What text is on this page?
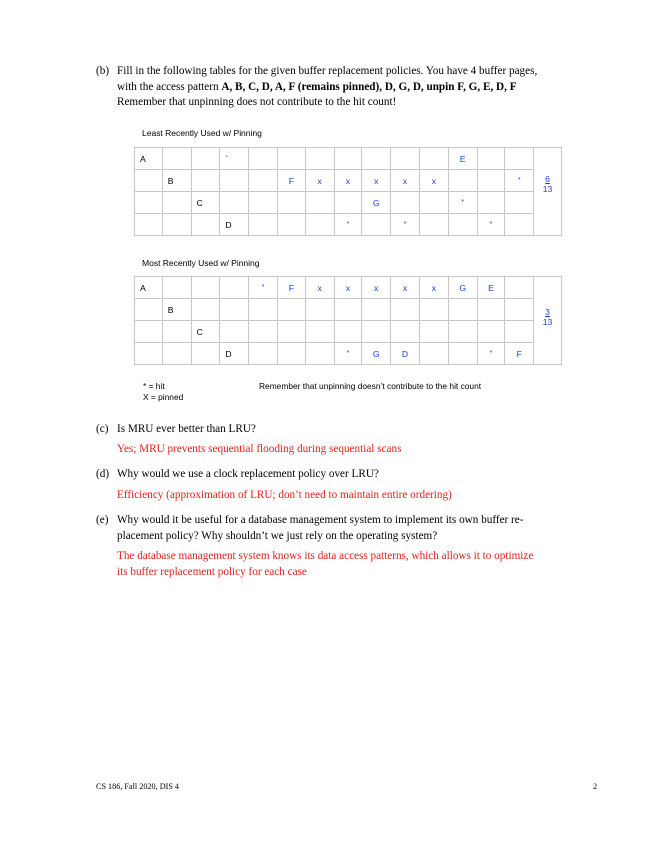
(b) Fill in the following tables for the given buffer replacement policies. You have 4 buffer pages,
with the access pattern A, B, C, D, A, F (remains pinned), D, G, D, unpin F, G, E, D, F
Remember that unpinning does not contribute to the hit count!
Least Recently Used w/ Pinning
A			`								E			6
13

	B				F	x	x	x	x	x			*	
		C						G			*			
			D				*		*			*		
Most Recently Used w/ Pinning
A				*	F	x	x	x	x	x	G	E		3
13

	B													
		C												
			D				*	G	D			*	F	
* = hit
X = pinned
Remember that unpinning doesn’t contribute to the hit count
(c) Is MRU ever better than LRU?
Yes; MRU prevents sequential flooding during sequential scans
(d) Why would we use a clock replacement policy over LRU?
Efficiency (approximation of LRU; don’t need to maintain entire ordering)
(e) Why would it be useful for a database management system to implement its own buffer re-
placement policy? Why shouldn’t we just rely on the operating system?
The database management system knows its data access patterns, which allows it to optimize
its buffer replacement policy for each case
CS 186, Fall 2020, DIS 4	2
